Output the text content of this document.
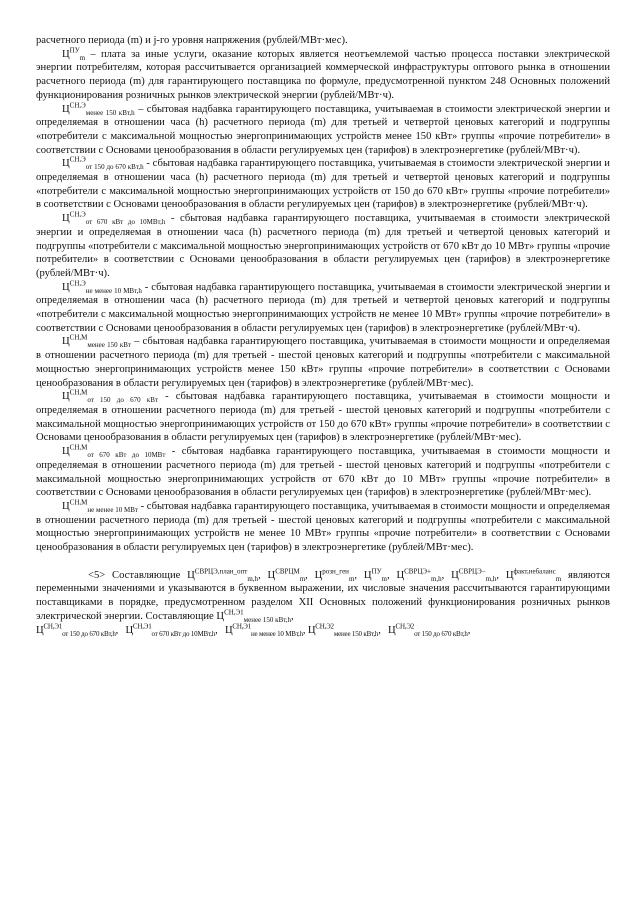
расчетного периода (m) и j-го уровня напряжения (рублей/МВт·мес).

$Ц^{ПУ}_m$ – плата за иные услуги, оказание которых является неотъемлемой частью процесса поставки электрической энергии потребителям, которая рассчитывается организацией коммерческой инфраструктуры оптового рынка в отношении расчетного периода (m) для гарантирующего поставщика по формуле, предусмотренной пунктом 248 Основных положений функционирования розничных рынков электрической энергии (рублей/МВт·ч).

$Ц^{СН,Э}_{менее 150 кВт,h}$ – сбытовая надбавка гарантирующего поставщика, учитываемая в стоимости электрической энергии и определяемая в отношении часа (h) расчетного периода (m) для третьей и четвертой ценовых категорий и подгруппы «потребители с максимальной мощностью энергопринимающих устройств менее 150 кВт» группы «прочие потребители» в соответствии с Основами ценообразования в области регулируемых цен (тарифов) в электроэнергетике (рублей/МВт·ч).

$Ц^{СН,Э}_{от 150 до 670 кВт,h}$ - сбытовая надбавка гарантирующего поставщика, учитываемая в стоимости электрической энергии и определяемая в отношении часа (h) расчетного периода (m) для третьей и четвертой ценовых категорий и подгруппы «потребители с максимальной мощностью энергопринимающих устройств от 150 до 670 кВт» группы «прочие потребители» в соответствии с Основами ценообразования в области регулируемых цен (тарифов) в электроэнергетике (рублей/МВт·ч).

$Ц^{СН,Э}_{от 670 кВт до 10МВт,h}$ - сбытовая надбавка гарантирующего поставщика, учитываемая в стоимости электрической энергии и определяемая в отношении часа (h) расчетного периода (m) для третьей и четвертой ценовых категорий и подгруппы «потребители с максимальной мощностью энергопринимающих устройств от 670 кВт до 10 МВт» группы «прочие потребители» в соответствии с Основами ценообразования в области регулируемых цен (тарифов) в электроэнергетике (рублей/МВт·ч).

$Ц^{СН,Э}_{не менее 10 МВт,h}$ - сбытовая надбавка гарантирующего поставщика, учитываемая в стоимости электрической энергии и определяемая в отношении часа (h) расчетного периода (m) для третьей и четвертой ценовых категорий и подгруппы «потребители с максимальной мощностью энергопринимающих устройств не менее 10 МВт» группы «прочие потребители» в соответствии с Основами ценообразования в области регулируемых цен (тарифов) в электроэнергетике (рублей/МВт·ч).

$Ц^{СН,М}_{менее 150 кВт}$ – сбытовая надбавка гарантирующего поставщика, учитываемая в стоимости мощности и определяемая в отношении расчетного периода (m) для третьей - шестой ценовых категорий и подгруппы «потребители с максимальной мощностью энергопринимающих устройств менее 150 кВт» группы «прочие потребители» в соответствии с Основами ценообразования в области регулируемых цен (тарифов) в электроэнергетике (рублей/МВт·мес).

$Ц^{СН,М}_{от 150 до 670 кВт}$ - сбытовая надбавка гарантирующего поставщика, учитываемая в стоимости мощности и определяемая в отношении расчетного периода (m) для третьей - шестой ценовых категорий и подгруппы «потребители с максимальной мощностью энергопринимающих устройств от 150 до 670 кВт» группы «прочие потребители» в соответствии с Основами ценообразования в области регулируемых цен (тарифов) в электроэнергетике (рублей/МВт·мес).

$Ц^{СН,М}_{от 670 кВт до 10МВт}$ - сбытовая надбавка гарантирующего поставщика, учитываемая в стоимости мощности и определяемая в отношении расчетного периода (m) для третьей - шестой ценовых категорий и подгруппы «потребители с максимальной мощностью энергопринимающих устройств от 670 кВт до 10 МВт» группы «прочие потребители» в соответствии с Основами ценообразования в области регулируемых цен (тарифов) в электроэнергетике (рублей/МВт·мес).

$Ц^{СН,М}_{не менее 10 МВт}$ - сбытовая надбавка гарантирующего поставщика, учитываемая в стоимости мощности и определяемая в отношении расчетного периода (m) для третьей - шестой ценовых категорий и подгруппы «потребители с максимальной мощностью энергопринимающих устройств не менее 10 МВт» группы «прочие потребители» в соответствии с Основами ценообразования в области регулируемых цен (тарифов) в электроэнергетике (рублей/МВт·мес).

<5> Составляющие $Ц^{СВРЦЭ,план\_опт}_{m,h}$, $Ц^{СВРЦМ}_m$, $Ц^{розн\_ген}_m$, $Ц^{ПУ}_m$, $Ц^{СВРЦЭ+}_{m,h}$, $Ц^{СВРЦЭ-}_{m,h}$, $Ц^{факт,небаланс}_m$ являются переменными значениями и указываются в буквенном выражении, их числовые значения рассчитываются гарантирующими поставщиками в порядке, предусмотренном разделом XII Основных положений функционирования розничных рынков электрической энергии. Составляющие $Ц^{СН,Э1}_{менее 150 кВт,h}$,

$Ц^{СН,Э1}_{от 150 до 670 кВт,h}$,   $Ц^{СН,Э1}_{от 670 кВт до 10МВт,h}$,   $Ц^{СН,Э1}_{не менее 10 МВт,h}$, $Ц^{СН,Э2}_{менее 150 кВт,h}$,   $Ц^{СН,Э2}_{от 150 до 670 кВт,h}$,
